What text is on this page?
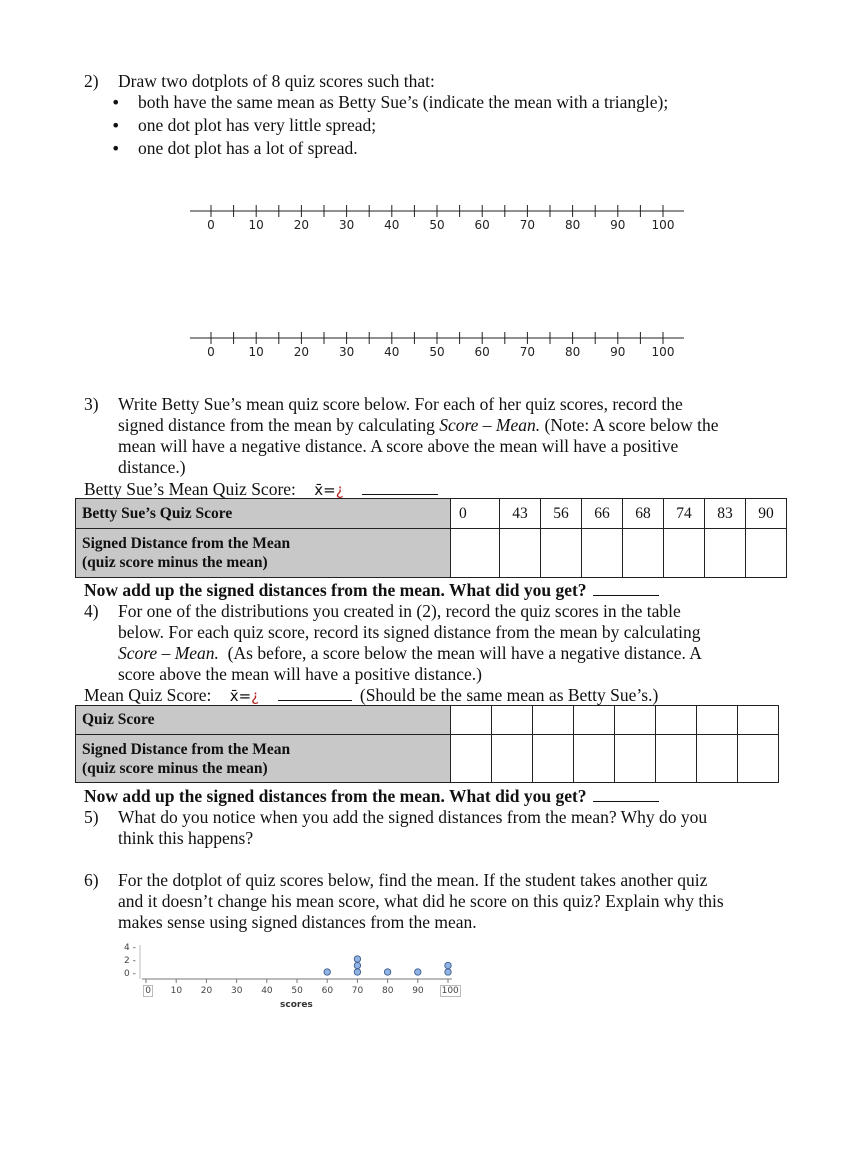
2) Draw two dotplots of 8 quiz scores such that:
• both have the same mean as Betty Sue’s (indicate the mean with a triangle);
• one dot plot has very little spread;
• one dot plot has a lot of spread.
0	10 20 30 40 50 60 70 80 90 100
0	10 20 30 40 50 60 70 80 90 100
3) Write Betty Sue’s mean quiz score below. For each of her quiz scores, record the
signed distance from the mean by calculating Score – Mean. (Note: A score below the
mean will have a negative distance. A score above the mean will have a positive
distance.)
Betty Sue’s Mean Quiz Score: x̄=¿
Betty Sue’s Quiz Score	0	43	56	66	68	74	83	90

Signed Distance from the Mean
(quiz score minus the mean)								

Now add up the signed distances from the mean. What did you get?
4) For one of the distributions you created in (2), record the quiz scores in the table
below. For each quiz score, record its signed distance from the mean by calculating
Score – Mean.  (As before, a score below the mean will have a negative distance. A
score above the mean will have a positive distance.)
Mean Quiz Score: x̄=¿	(Should be the same mean as Betty Sue’s.)
Quiz Score								

Signed Distance from the Mean
(quiz score minus the mean)								

Now add up the signed distances from the mean. What did you get?
5) What do you notice when you add the signed distances from the mean? Why do you
think this happens?
6) For the dotplot of quiz scores below, find the mean. If the student takes another quiz
and it doesn’t change his mean score, what did he score on this quiz? Explain why this
makes sense using signed distances from the mean.
0 10 20 30 40 50 60 70 80 90 100
4 -
2 -
0 -
scores
